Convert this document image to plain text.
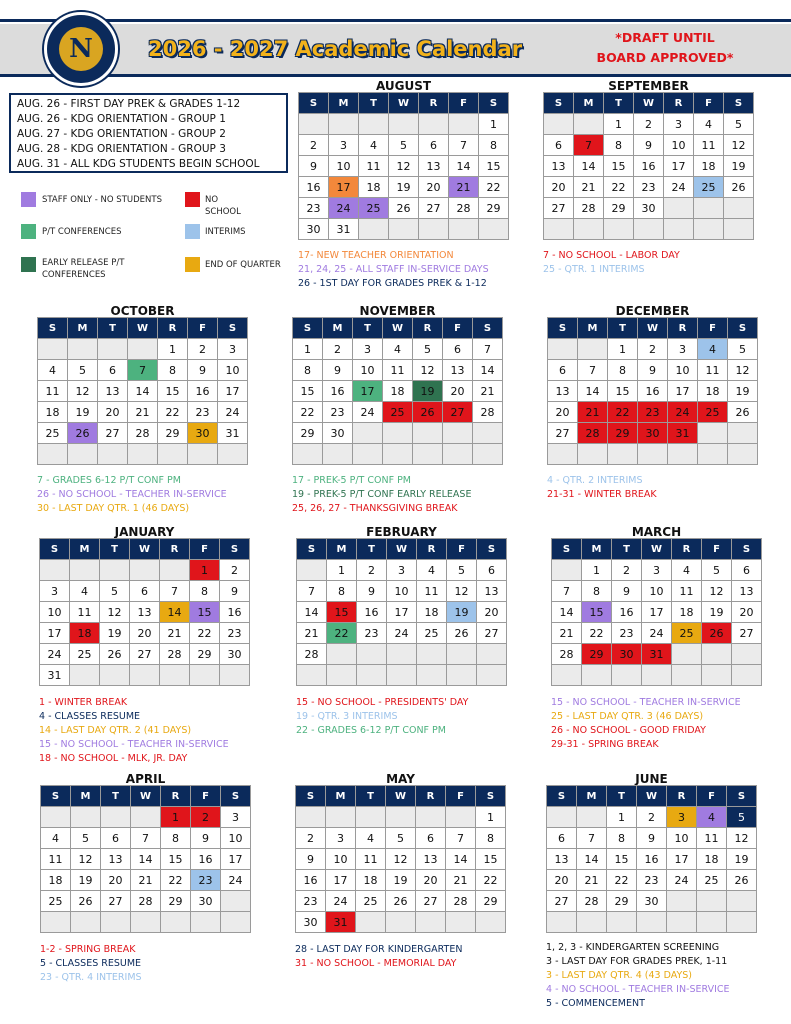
N	2026 - 2027 Academic Calendar	*DRAFT UNTIL
BOARD APPROVED*
AUG. 26 - FIRST DAY PREK & GRADES 1-12
AUG. 26 - KDG ORIENTATION - GROUP 1
AUG. 27 - KDG ORIENTATION - GROUP 2
AUG. 28 - KDG ORIENTATION - GROUP 3
AUG. 31 - ALL KDG STUDENTS BEGIN SCHOOL
STAFF ONLY - NO STUDENTS	NO SCHOOL
P/T CONFERENCES	INTERIMS
EARLY RELEASE P/T CONFERENCES
END OF QUARTER
AUGUST
S	M	T	W	R	F	S
						1
2	3	4	5	6	7	8
9	10	11	12	13	14	15
16	17	18	19	20	21	22
23	24	25	26	27	28	29
30	31					
17- NEW TEACHER ORIENTATION
21, 24, 25 - ALL STAFF IN-SERVICE DAYS
26 - 1ST DAY FOR GRADES PREK & 1-12
SEPTEMBER
S	M	T	W	R	F	S
		1	2	3	4	5
6	7	8	9	10	11	12
13	14	15	16	17	18	19
20	21	22	23	24	25	26
27	28	29	30			

7 - NO SCHOOL - LABOR DAY
25 - QTR. 1 INTERIMS
OCTOBER
S	M	T	W	R	F	S
				1	2	3
4	5	6	7	8	9	10
11	12	13	14	15	16	17
18	19	20	21	22	23	24
25	26	27	28	29	30	31

7 - GRADES 6-12 P/T CONF PM
26 - NO SCHOOL - TEACHER IN-SERVICE
30 - LAST DAY QTR. 1 (46 DAYS)
NOVEMBER
S	M	T	W	R	F	S
1	2	3	4	5	6	7
8	9	10	11	12	13	14
15	16	17	18	19	20	21
22	23	24	25	26	27	28
29	30					

17 - PREK-5 P/T CONF PM
19 - PREK-5 P/T CONF EARLY RELEASE
25, 26, 27 - THANKSGIVING BREAK
DECEMBER
S	M	T	W	R	F	S
		1	2	3	4	5
6	7	8	9	10	11	12
13	14	15	16	17	18	19
20	21	22	23	24	25	26
27	28	29	30	31		

4 - QTR. 2 INTERIMS
21-31 - WINTER BREAK
JANUARY
S	M	T	W	R	F	S
					1	2
3	4	5	6	7	8	9
10	11	12	13	14	15	16
17	18	19	20	21	22	23
24	25	26	27	28	29	30
31						
1 - WINTER BREAK
4 - CLASSES RESUME
14 - LAST DAY QTR. 2 (41 DAYS)
15 - NO SCHOOL - TEACHER IN-SERVICE
18 - NO SCHOOL - MLK, JR. DAY
FEBRUARY
S	M	T	W	R	F	S
	1	2	3	4	5	6
7	8	9	10	11	12	13
14	15	16	17	18	19	20
21	22	23	24	25	26	27
28						

15 - NO SCHOOL - PRESIDENTS' DAY
19 - QTR. 3 INTERIMS
22 - GRADES 6-12 P/T CONF PM
MARCH
S	M	T	W	R	F	S
	1	2	3	4	5	6
7	8	9	10	11	12	13
14	15	16	17	18	19	20
21	22	23	24	25	26	27
28	29	30	31			

15 - NO SCHOOL - TEACHER IN-SERVICE
25 - LAST DAY QTR. 3 (46 DAYS)
26 - NO SCHOOL - GOOD FRIDAY
29-31 - SPRING BREAK
APRIL
S	M	T	W	R	F	S
				1	2	3
4	5	6	7	8	9	10
11	12	13	14	15	16	17
18	19	20	21	22	23	24
25	26	27	28	29	30	

1-2 - SPRING BREAK
5 - CLASSES RESUME
23 - QTR. 4 INTERIMS
MAY
S	M	T	W	R	F	S
						1
2	3	4	5	6	7	8
9	10	11	12	13	14	15
16	17	18	19	20	21	22
23	24	25	26	27	28	29
30	31					
28 - LAST DAY FOR KINDERGARTEN
31 - NO SCHOOL - MEMORIAL DAY
JUNE
S	M	T	W	R	F	S
		1	2	3	4	5
6	7	8	9	10	11	12
13	14	15	16	17	18	19
20	21	22	23	24	25	26
27	28	29	30			

1, 2, 3 - KINDERGARTEN SCREENING
3 - LAST DAY FOR GRADES PREK, 1-11
3 - LAST DAY QTR. 4 (43 DAYS)
4 - NO SCHOOL - TEACHER IN-SERVICE
5 - COMMENCEMENT
